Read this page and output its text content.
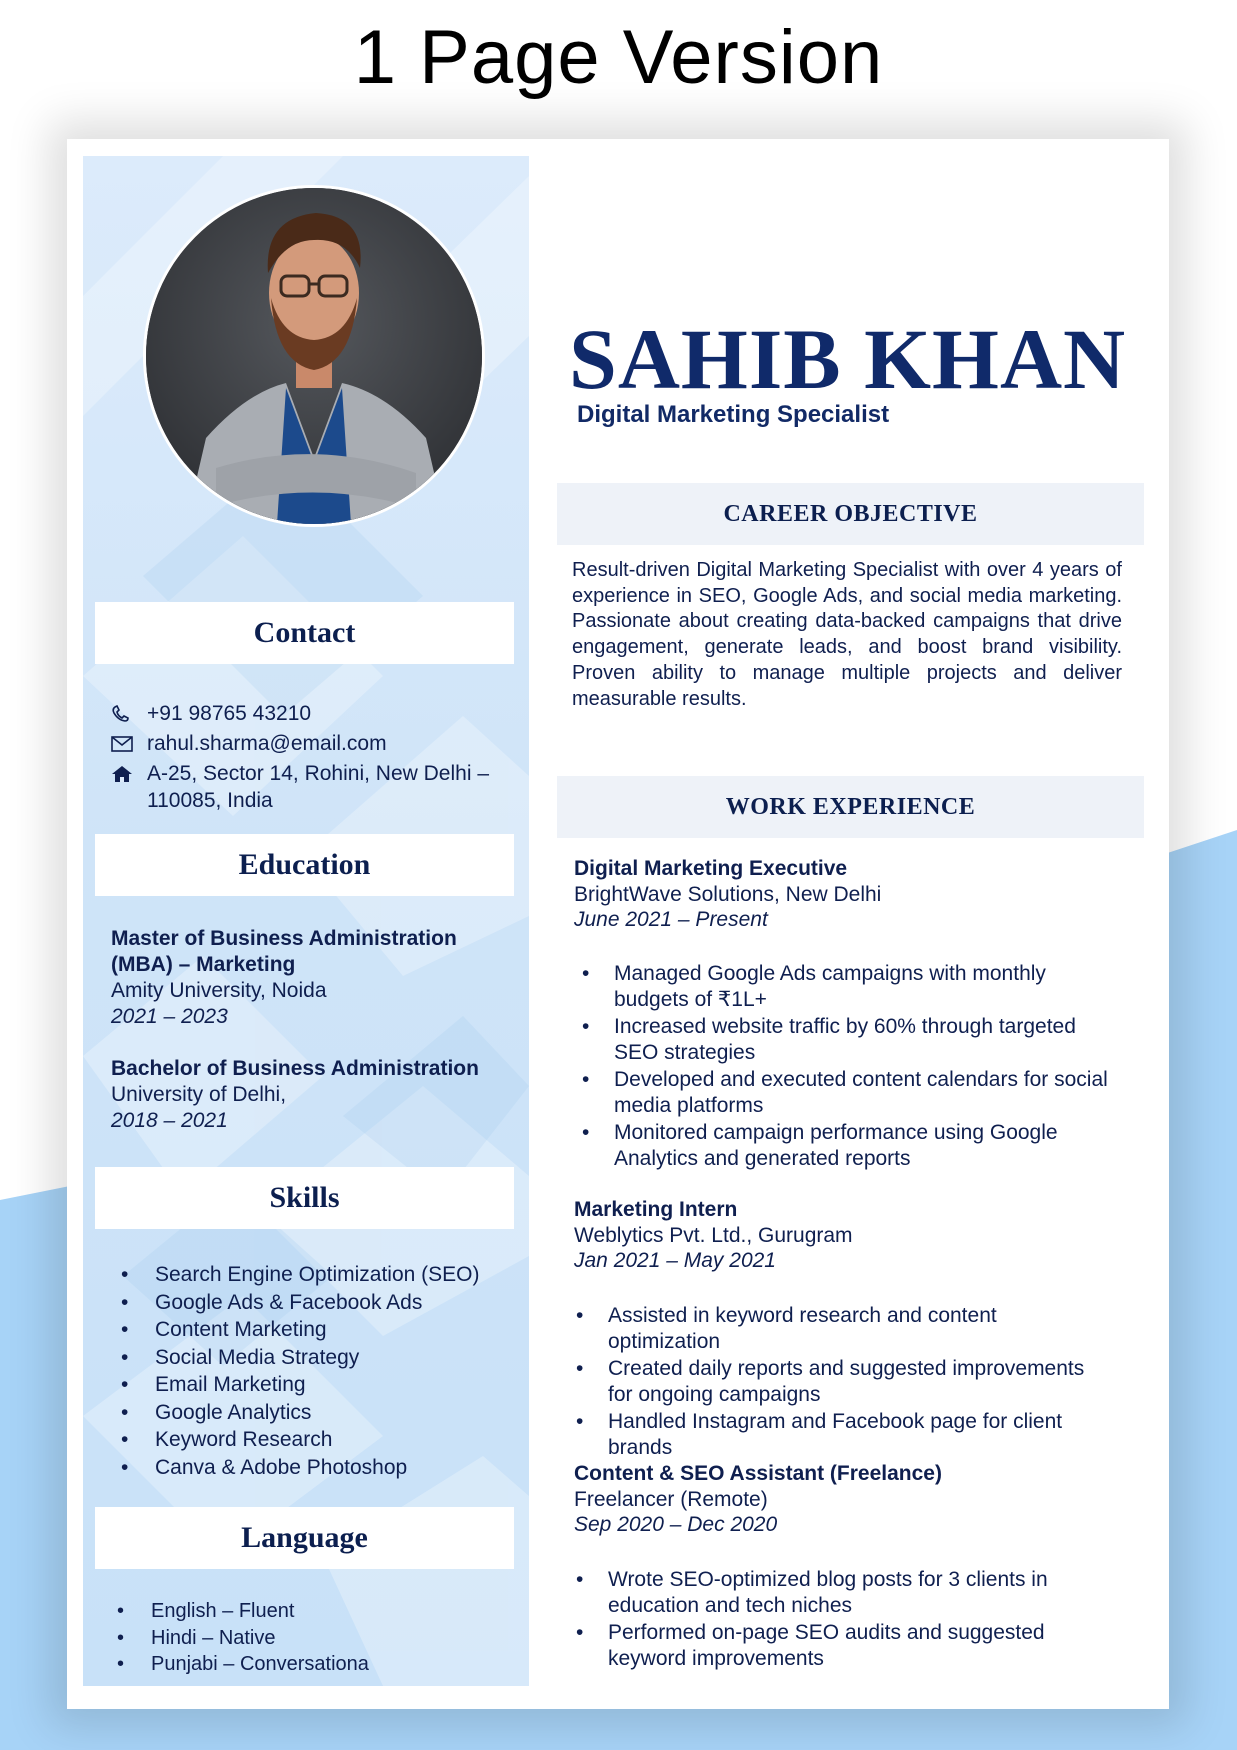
1 Page Version
Contact
+91 98765 43210
rahul.sharma@email.com
A-25, Sector 14, Rohini, New Delhi – 110085, India
Education
Master of Business Administration (MBA) – Marketing
Amity University, Noida
2021 – 2023
Bachelor of Business Administration
University of Delhi,
2018 – 2021
Skills
• Search Engine Optimization (SEO)
• Google Ads & Facebook Ads
• Content Marketing
• Social Media Strategy
• Email Marketing
• Google Analytics
• Keyword Research
• Canva & Adobe Photoshop
Language
• English – Fluent
• Hindi – Native
• Punjabi – Conversationa
SAHIB KHAN
Digital Marketing Specialist
CAREER OBJECTIVE
Result-driven Digital Marketing Specialist with over 4 years of experience in SEO, Google Ads, and social media marketing. Passionate about creating data-backed campaigns that drive engagement, generate leads, and boost brand visibility. Proven ability to manage multiple projects and deliver measurable results.
WORK EXPERIENCE
Digital Marketing Executive
BrightWave Solutions, New Delhi
June 2021 – Present
• Managed Google Ads campaigns with monthly budgets of ₹1L+
• Increased website traffic by 60% through targeted SEO strategies
• Developed and executed content calendars for social media platforms
• Monitored campaign performance using Google Analytics and generated reports
Marketing Intern
Weblytics Pvt. Ltd., Gurugram
Jan 2021 – May 2021
• Assisted in keyword research and content optimization
• Created daily reports and suggested improvements for ongoing campaigns
• Handled Instagram and Facebook page for client brands
Content & SEO Assistant (Freelance)
Freelancer (Remote)
Sep 2020 – Dec 2020
• Wrote SEO-optimized blog posts for 3 clients in education and tech niches
• Performed on-page SEO audits and suggested keyword improvements
